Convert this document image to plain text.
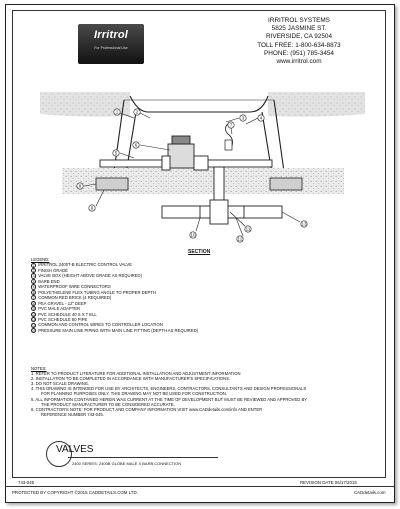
Irritrol
For Professional Use
IRRITROL SYSTEMS
5825 JASMINE ST.
RIVERSIDE, CA 92504
TOLL FREE: 1-800-634-8873
PHONE: (951) 785-3454
www.irritrol.com
1	2
3	4
5
6
7
8
9
10
11
12
13
SECTION
LEGEND:
1 IRRITROL 2400T-B ELECTRIC CONTROL VALVE
2 FINISH GRADE
3 VALVE BOX (HEIGHT ABOVE GRADE AS REQUIRED)
4 BARB END
5 WATERPROOF WIRE CONNECTORS
6 POLYETHELENE FLEX TUBING ANGLE TO PROPER DEPTH
7 COMMON RED BRICK (4 REQUIRED)
8 PEA GRAVEL - 12" DEEP
9 PVC MALE ADAPTER
10 PVC SCHEDULE 40 S X T ELL
11 PVC SCHEDULE 80 PIPE
12 COMMON AND CONTROL WIRES TO CONTROLLER LOCATION
13 PRESSURE MAIN LINE PIPING WITH MAIN LINE FITTING (DEPTH AS REQUIRED)
NOTES:
1. REFER TO PRODUCT LITERATURE FOR ADDITIONAL INSTALLATION AND ADJUSTMENT INFORMATION
2. INSTALLATION TO BE COMPLETED IN ACCORDANCE WITH MANUFACTURER'S SPECIFICATIONS.
3. DO NOT SCALE DRAWING.
4. THIS DRAWING IS INTENDED FOR USE BY ARCHITECTS, ENGINEERS, CONTRACTORS, CONSULTANTS AND DESIGN PROFESSIONALS
FOR PLANNING PURPOSES ONLY. THIS DRAWING MAY NOT BE USED FOR CONSTRUCTION.
5. ALL INFORMATION CONTAINED HEREIN WAS CURRENT AT THE TIME OF DEVELOPMENT BUT MUST BE REVIEWED AND APPROVED BY
THE PRODUCT MANUFACTURER TO BE CONSIDERED ACCURATE.
6. CONTRACTOR'S NOTE: FOR PRODUCT AND COMPANY INFORMATION VISIT www.CADdetails.com/info AND ENTER
REFERENCE NUMBER 743-045.
VALVES
2400 SERIES: 2400B GLOBE MALE X BARB CONNECTION
743-045	REVISION DATE 06/17/2015
PROTECTED BY COPYRIGHT ©2015 CADDETAILS.COM LTD.	CADdetails.com
